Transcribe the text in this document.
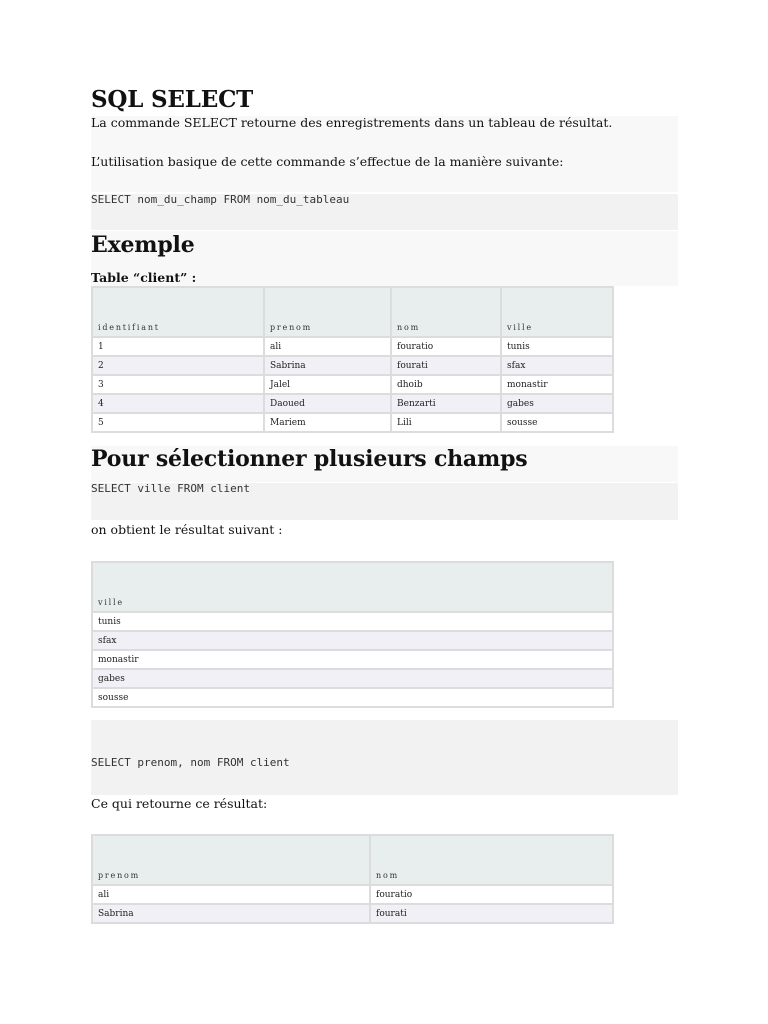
SQL SELECT

La commande SELECT retourne des enregistrements dans un tableau de résultat.

L’utilisation basique de cette commande s’effectue de la manière suivante:

SELECT nom_du_champ FROM nom_du_tableau
Exemple

Table “client” :

identifiant	prenom	nom	ville
1	ali	fouratio	tunis
2	Sabrina	fourati	sfax
3	Jalel	dhoib	monastir
4	Daoued	Benzarti	gabes
5	Mariem	Lili	sousse
Pour sélectionner plusieurs champs
SELECT ville FROM client

on obtient le résultat suivant :

ville
tunis
sfax
monastir
gabes
sousse
SELECT prenom, nom FROM client

Ce qui retourne ce résultat:

prenom	nom
ali	fouratio
Sabrina	fourati
